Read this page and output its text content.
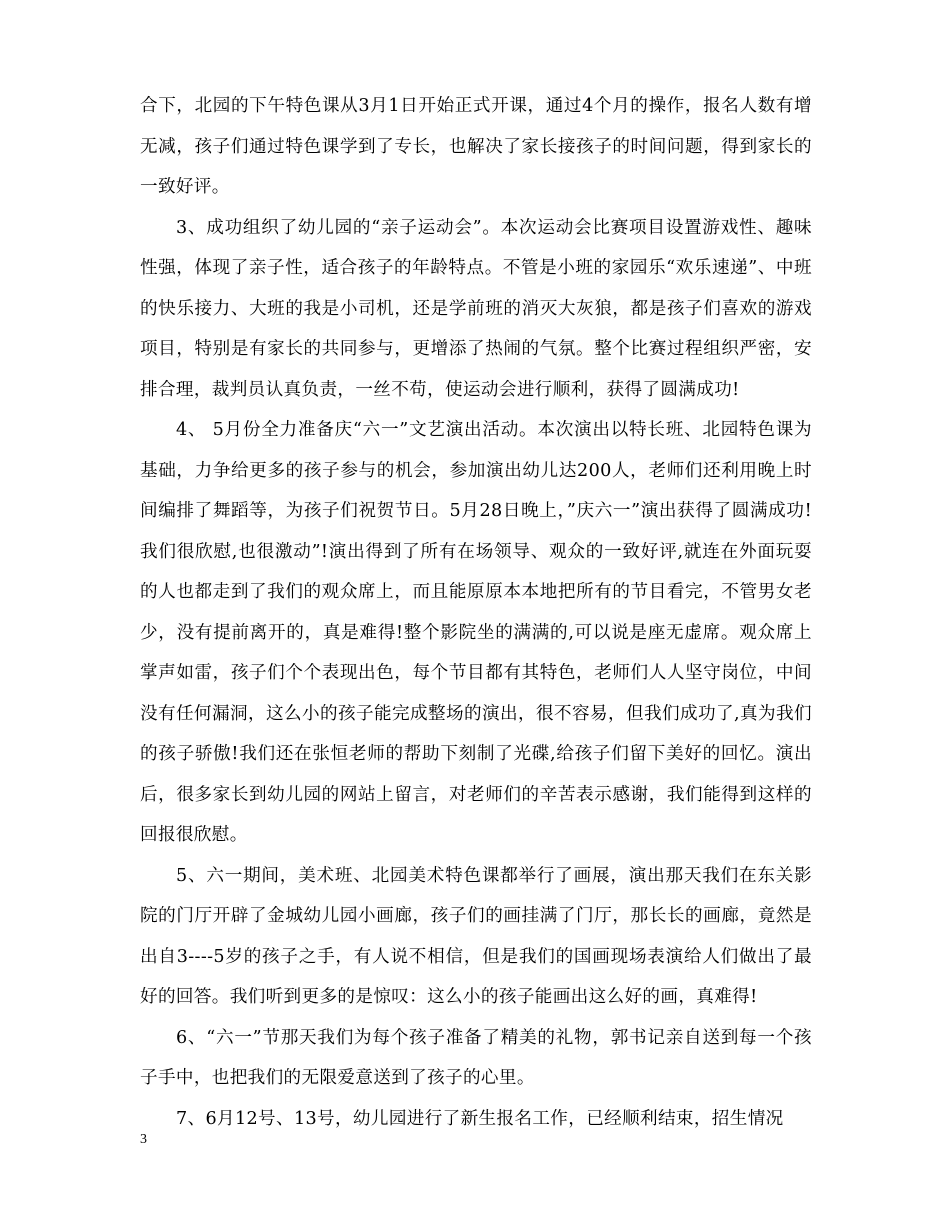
合下，北园的下午特色课从3月1日开始正式开课，通过4个月的操作，报名人数有增无减，孩子们通过特色课学到了专长，也解决了家长接孩子的时间问题，得到家长的一致好评。

3、成功组织了幼儿园的“亲子运动会”。本次运动会比赛项目设置游戏性、趣味性强，体现了亲子性，适合孩子的年龄特点。不管是小班的家园乐“欢乐速递”、中班的快乐接力、大班的我是小司机，还是学前班的消灭大灰狼，都是孩子们喜欢的游戏项目，特别是有家长的共同参与，更增添了热闹的气氛。整个比赛过程组织严密，安排合理，裁判员认真负责，一丝不苟，使运动会进行顺利，获得了圆满成功!

4、 5月份全力准备庆“六一”文艺演出活动。本次演出以特长班、北园特色课为基础，力争给更多的孩子参与的机会，参加演出幼儿达200人，老师们还利用晚上时间编排了舞蹈等，为孩子们祝贺节日。5月28日晚上，”庆六一”演出获得了圆满成功!我们很欣慰,也很激动”!演出得到了所有在场领导、观众的一致好评,就连在外面玩耍的人也都走到了我们的观众席上，而且能原原本本地把所有的节目看完，不管男女老少，没有提前离开的，真是难得!整个影院坐的满满的,可以说是座无虚席。观众席上掌声如雷，孩子们个个表现出色，每个节目都有其特色，老师们人人坚守岗位，中间没有任何漏洞，这么小的孩子能完成整场的演出，很不容易，但我们成功了,真为我们的孩子骄傲!我们还在张恒老师的帮助下刻制了光碟,给孩子们留下美好的回忆。演出后，很多家长到幼儿园的网站上留言，对老师们的辛苦表示感谢，我们能得到这样的回报很欣慰。

5、六一期间，美术班、北园美术特色课都举行了画展，演出那天我们在东关影院的门厅开辟了金城幼儿园小画廊，孩子们的画挂满了门厅，那长长的画廊，竟然是出自3----5岁的孩子之手，有人说不相信，但是我们的国画现场表演给人们做出了最好的回答。我们听到更多的是惊叹：这么小的孩子能画出这么好的画，真难得!

6、“六一”节那天我们为每个孩子准备了精美的礼物，郭书记亲自送到每一个孩子手中，也把我们的无限爱意送到了孩子的心里。

7、6月12号、13号，幼儿园进行了新生报名工作，已经顺利结束，招生情况

3
